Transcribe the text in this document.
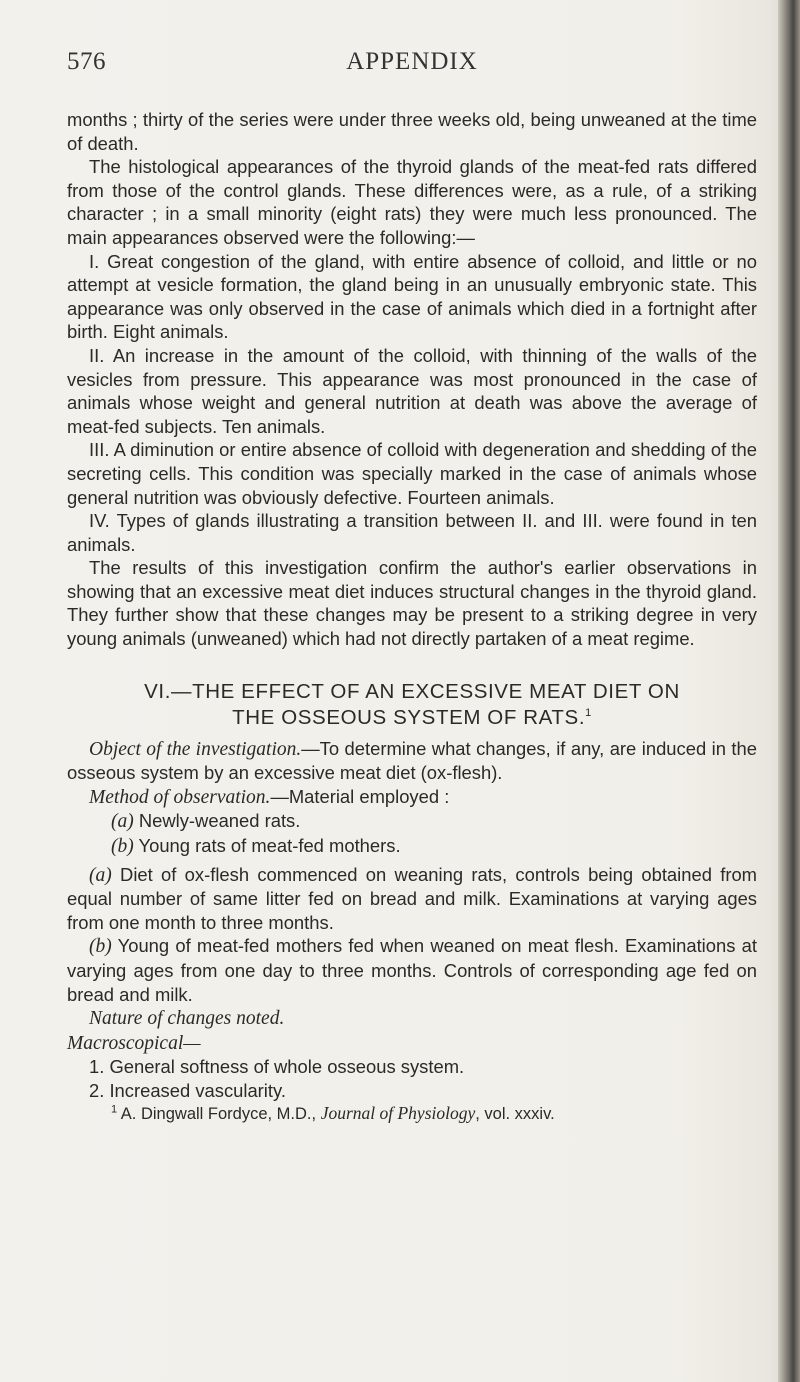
576	APPENDIX

months ; thirty of the series were under three weeks old, being unweaned at the time of death.

The histological appearances of the thyroid glands of the meat-fed rats differed from those of the control glands. These differences were, as a rule, of a striking character ; in a small minority (eight rats) they were much less pronounced. The main appearances observed were the following:—

I. Great congestion of the gland, with entire absence of colloid, and little or no attempt at vesicle formation, the gland being in an unusually embryonic state. This appearance was only observed in the case of animals which died in a fortnight after birth. Eight animals.

II. An increase in the amount of the colloid, with thinning of the walls of the vesicles from pressure. This appearance was most pronounced in the case of animals whose weight and general nutrition at death was above the average of meat-fed subjects. Ten animals.

III. A diminution or entire absence of colloid with degeneration and shedding of the secreting cells. This condition was specially marked in the case of animals whose general nutrition was obviously defective. Fourteen animals.

IV. Types of glands illustrating a transition between II. and III. were found in ten animals.

The results of this investigation confirm the author's earlier observations in showing that an excessive meat diet induces structural changes in the thyroid gland. They further show that these changes may be present to a striking degree in very young animals (unweaned) which had not directly partaken of a meat regime.

VI.—THE EFFECT OF AN EXCESSIVE MEAT DIET ON
THE OSSEOUS SYSTEM OF RATS.$^1$

Object of the investigation.—To determine what changes, if any, are induced in the osseous system by an excessive meat diet (ox-flesh).

Method of observation.—Material employed :

(a) Newly-weaned rats.

(b) Young rats of meat-fed mothers.

(a) Diet of ox-flesh commenced on weaning rats, controls being obtained from equal number of same litter fed on bread and milk. Examinations at varying ages from one month to three months.

(b) Young of meat-fed mothers fed when weaned on meat flesh. Examinations at varying ages from one day to three months. Controls of corresponding age fed on bread and milk.

Nature of changes noted.

Macroscopical—

1. General softness of whole osseous system.

2. Increased vascularity.

$^1$ A. Dingwall Fordyce, M.D., Journal of Physiology, vol. xxxiv.
